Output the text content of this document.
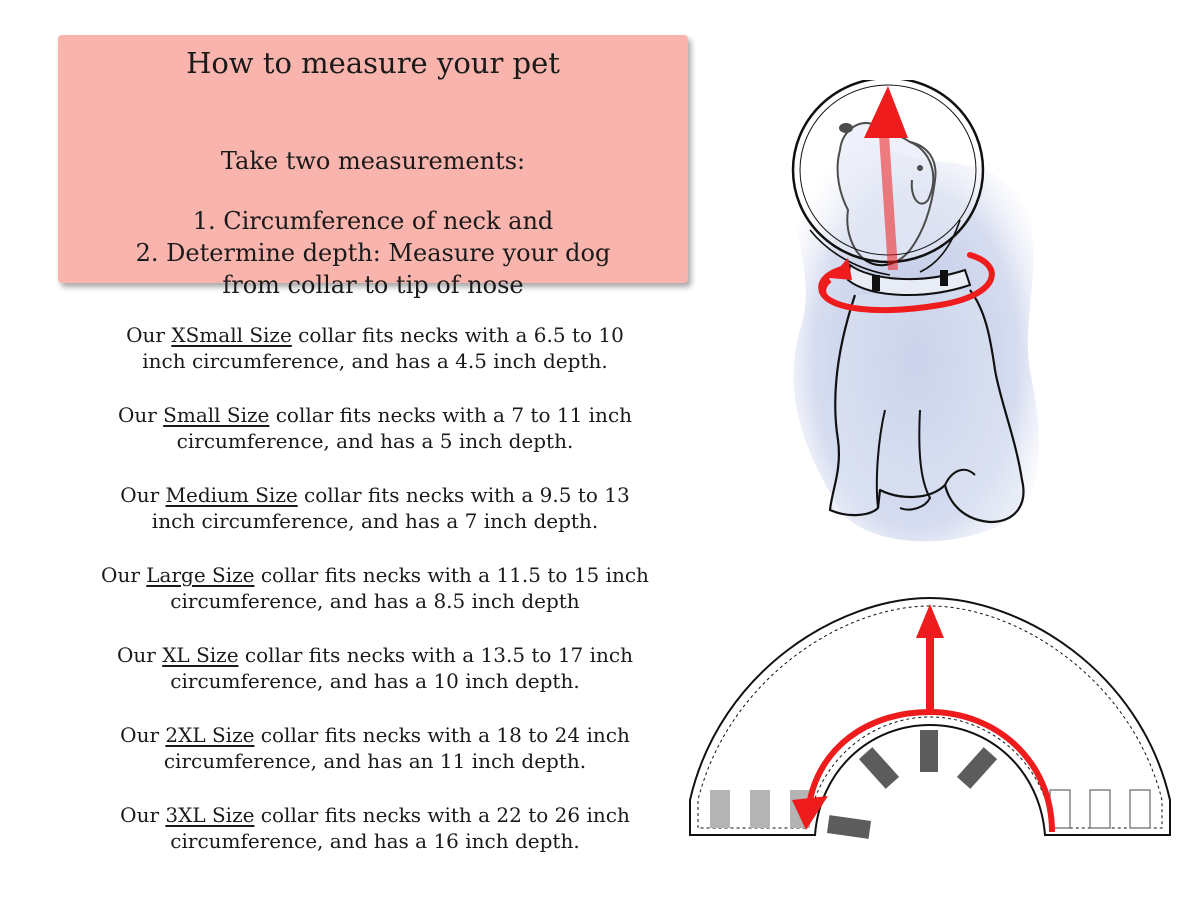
How to measure your pet
Take two measurements:
1. Circumference of neck and
2. Determine depth: Measure your dog
from collar to tip of nose
Our XSmall Size collar fits necks with a 6.5 to 10
inch circumference, and has a 4.5 inch depth.
Our Small Size collar fits necks with a 7 to 11 inch
circumference, and has a 5 inch depth.
Our Medium Size collar fits necks with a 9.5 to 13
inch circumference, and has a 7 inch depth.
Our Large Size collar fits necks with a 11.5 to 15 inch
circumference, and has a 8.5 inch depth
Our XL Size collar fits necks with a 13.5 to 17 inch
circumference, and has a 10 inch depth.
Our 2XL Size collar fits necks with a 18 to 24 inch
circumference, and has an 11 inch depth.
Our 3XL Size collar fits necks with a 22 to 26 inch
circumference, and has a 16 inch depth.
